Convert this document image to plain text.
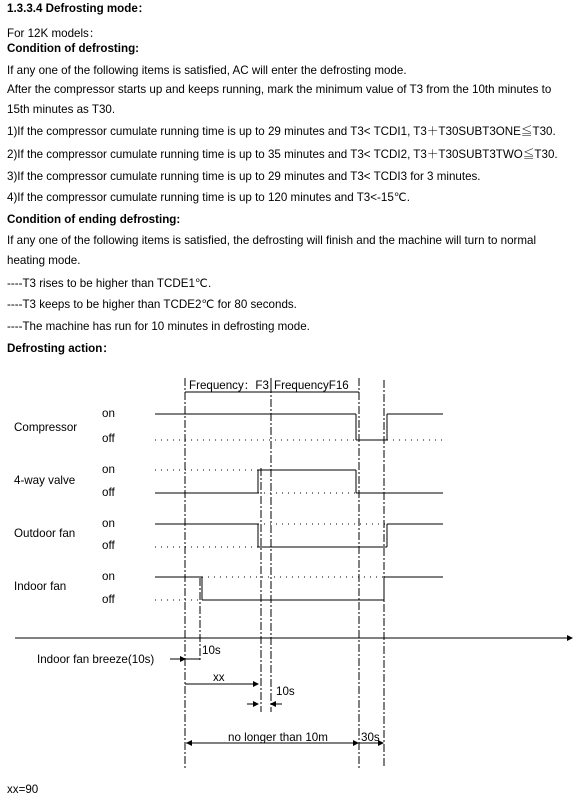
1.3.3.4 Defrosting mode：
For 12K models：
Condition of defrosting:
If any one of the following items is satisfied, AC will enter the defrosting mode.
After the compressor starts up and keeps running, mark the minimum value of T3 from the 10th minutes to 15th minutes as T30.
1)If the compressor cumulate running time is up to 29 minutes and T3< TCDI1, T3＋T30SUBT3ONE≦T30.
2)If the compressor cumulate running time is up to 35 minutes and T3< TCDI2, T3＋T30SUBT3TWO≦T30.
3)If the compressor cumulate running time is up to 29 minutes and T3< TCDI3 for 3 minutes.
4)If the compressor cumulate running time is up to 120 minutes and T3<-15℃.
Condition of ending defrosting:
If any one of the following items is satisfied, the defrosting will finish and the machine will turn to normal heating mode.
----T3 rises to be higher than TCDE1℃.
----T3 keeps to be higher than TCDE2℃ for 80 seconds.
----The machine has run for 10 minutes in defrosting mode.
Defrosting action：
Frequency：F3 FrequencyF16
Compressor
on
off
4-way valve
on
off
Outdoor fan
on
off
Indoor fan
on
off
Indoor fan breeze(10s)
10s
xx
10s
no longer than 10m	30s
xx=90
